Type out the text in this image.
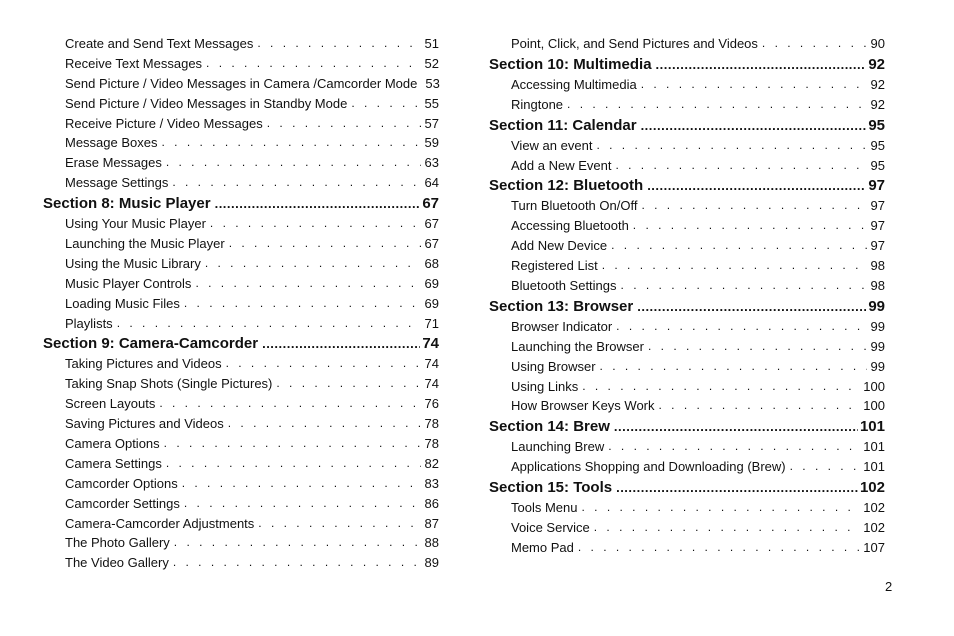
Create and Send Text Messages . . .	51
Receive Text Messages . . .	52
Send Picture / Video Messages in Camera /Camcorder Mode 53
Send Picture / Video Messages in Standby Mode . . .	55
Receive Picture / Video Messages . . .	57
Message Boxes . . .	59
Erase Messages . . .	63
Message Settings . . .	64
Section 8: Music Player .....	67
Using Your Music Player . . .	67
Launching the Music Player . . .	67
Using the Music Library . . .	68
Music Player Controls . . .	69
Loading Music Files . . .	69
Playlists . . .	71
Section 9: Camera-Camcorder .....	74
Taking Pictures and Videos . . .	74
Taking Snap Shots (Single Pictures) . . .	74
Screen Layouts . . .	76
Saving Pictures and Videos . . .	78
Camera Options . . .	78
Camera Settings . . .	82
Camcorder Options . . .	83
Camcorder Settings . . .	86
Camera-Camcorder Adjustments . . .	87
The Photo Gallery . . .	88
The Video Gallery . . .	89
Point, Click, and Send Pictures and Videos . . .	90
Section 10: Multimedia .....	92
Accessing Multimedia . . .	92
Ringtone . . .	92
Section 11: Calendar .....	95
View an event . . .	95
Add a New Event . . .	95
Section 12: Bluetooth .....	97
Turn Bluetooth On/Off . . .	97
Accessing Bluetooth . . .	97
Add New Device . . .	97
Registered List . . .	98
Bluetooth Settings . . .	98
Section 13: Browser .....	99
Browser Indicator . . .	99
Launching the Browser . . .	99
Using Browser . . .	99
Using Links . . .	100
How Browser Keys Work . . .	100
Section 14: Brew .....	101
Launching Brew . . .	101
Applications Shopping and Downloading (Brew) . . .	101
Section 15: Tools .....	102
Tools Menu . . .	102
Voice Service . . .	102
Memo Pad . . .	107
2
